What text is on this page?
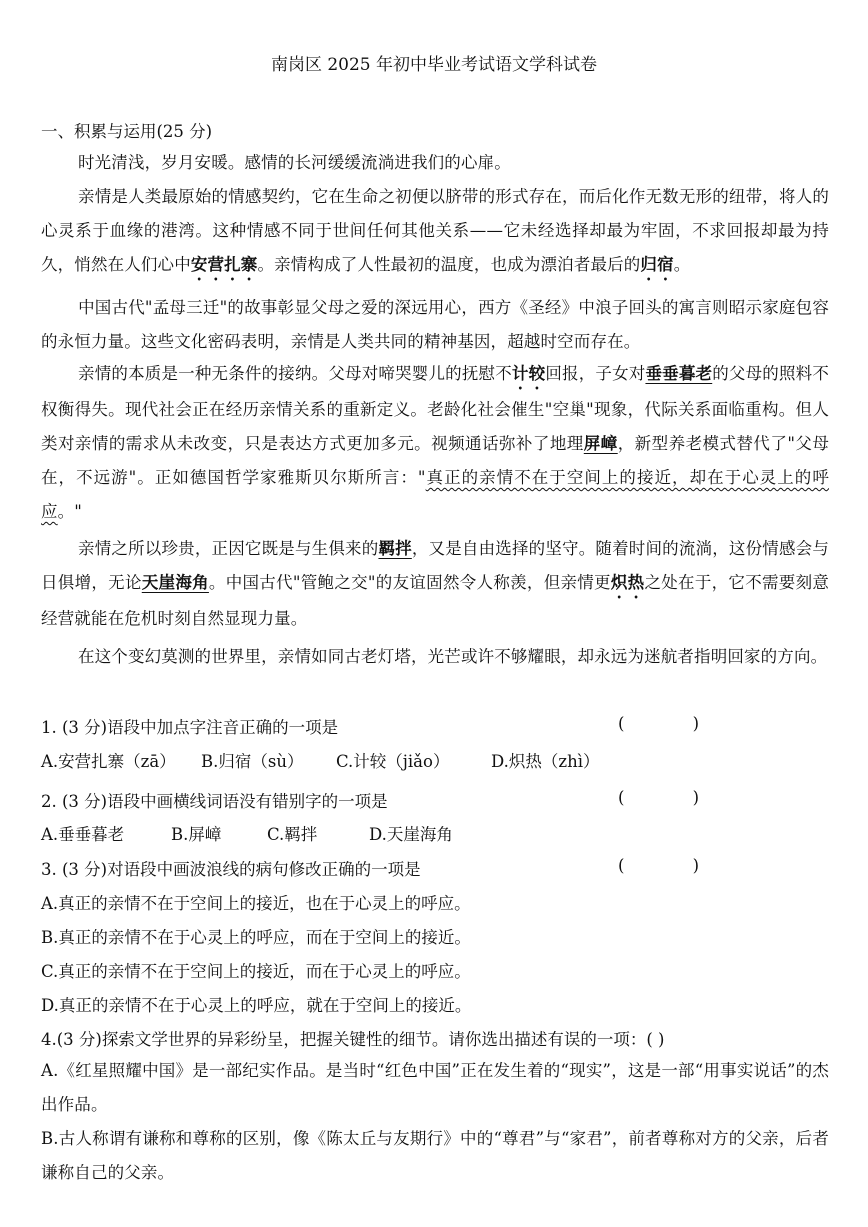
南岗区 2025 年初中毕业考试语文学科试卷
一、积累与运用(25 分)
时光清浅，岁月安暖。感情的长河缓缓流淌进我们的心扉。
亲情是人类最原始的情感契约，它在生命之初便以脐带的形式存在，而后化作无数无形的纽带，将人的心灵系于血缘的港湾。这种情感不同于世间任何其他关系——它未经选择却最为牢固，不求回报却最为持久，悄然在人们心中安营扎寨。亲情构成了人性最初的温度，也成为漂泊者最后的归宿。
中国古代"孟母三迁"的故事彰显父母之爱的深远用心，西方《圣经》中浪子回头的寓言则昭示家庭包容的永恒力量。这些文化密码表明，亲情是人类共同的精神基因，超越时空而存在。
亲情的本质是一种无条件的接纳。父母对啼哭婴儿的抚慰不计较回报，子女对垂垂暮老的父母的照料不权衡得失。现代社会正在经历亲情关系的重新定义。老龄化社会催生"空巢"现象，代际关系面临重构。但人类对亲情的需求从未改变，只是表达方式更加多元。视频通话弥补了地理屏嶂，新型养老模式替代了"父母在，不远游"。正如德国哲学家雅斯贝尔斯所言："真正的亲情不在于空间上的接近，却在于心灵上的呼应。"
亲情之所以珍贵，正因它既是与生俱来的羁拌，又是自由选择的坚守。随着时间的流淌，这份情感会与日俱增，无论天崖海角。中国古代"管鲍之交"的友谊固然令人称羡，但亲情更炽热之处在于，它不需要刻意经营就能在危机时刻自然显现力量。
在这个变幻莫测的世界里，亲情如同古老灯塔，光芒或许不够耀眼，却永远为迷航者指明回家的方向。
1. (3 分)语段中加点字注音正确的一项是	(             )
A.安营扎寨（zā） B.归宿（sù） C.计较（jiǎo）	D.炽热（zhì）
2. (3 分)语段中画横线词语没有错别字的一项是	(             )
A.垂垂暮老	B.屏嶂	C.羁拌	D.天崖海角
3. (3 分)对语段中画波浪线的病句修改正确的一项是	(             )
A.真正的亲情不在于空间上的接近，也在于心灵上的呼应。
B.真正的亲情不在于心灵上的呼应，而在于空间上的接近。
C.真正的亲情不在于空间上的接近，而在于心灵上的呼应。
D.真正的亲情不在于心灵上的呼应，就在于空间上的接近。
4.(3 分)探索文学世界的异彩纷呈，把握关键性的细节。请你选出描述有误的一项：( )
A.《红星照耀中国》是一部纪实作品。是当时“红色中国”正在发生着的“现实”，这是一部“用事实说话”的杰出作品。
B.古人称谓有谦称和尊称的区别，像《陈太丘与友期行》中的“尊君”与“家君”，前者尊称对方的父亲，后者谦称自己的父亲。
